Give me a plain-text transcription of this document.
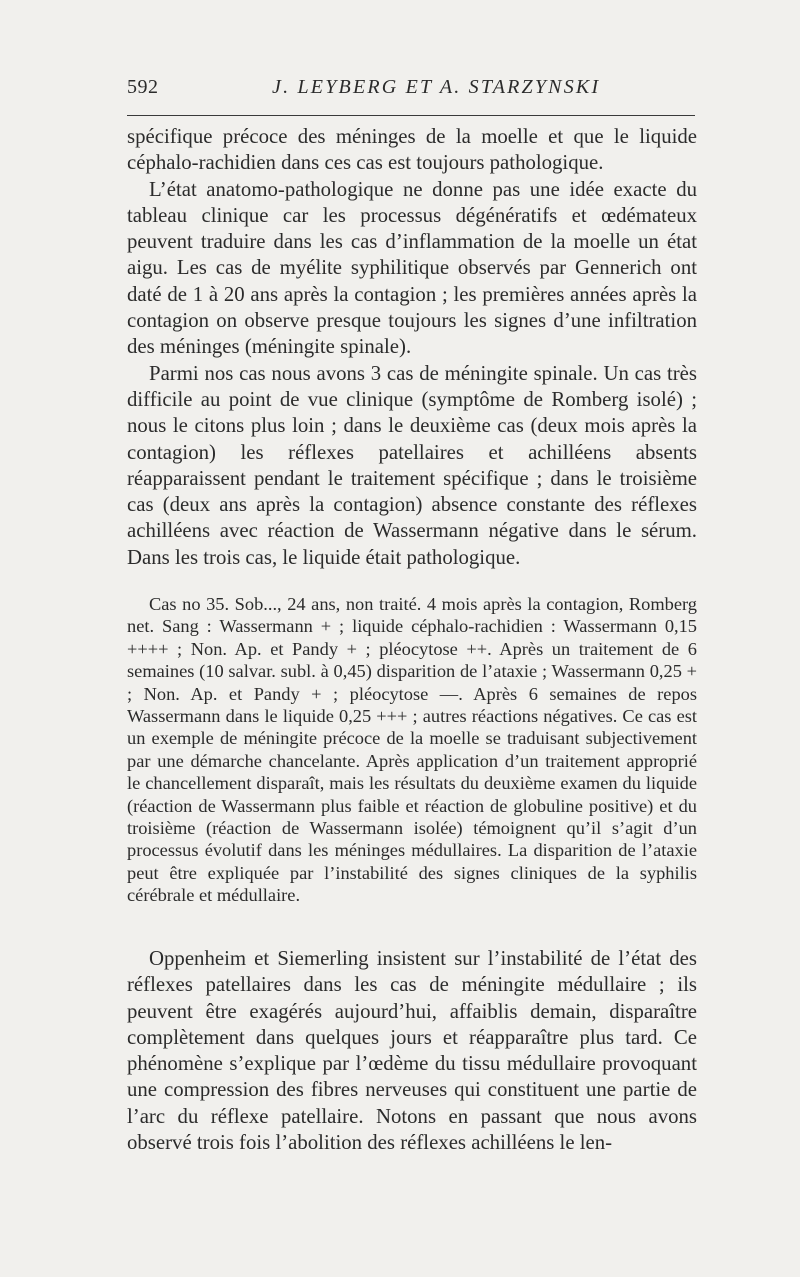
592	J. LEYBERG ET A. STARZYNSKI
spécifique précoce des méninges de la moelle et que le liquide céphalo-rachidien dans ces cas est toujours pathologique.
L’état anatomo-pathologique ne donne pas une idée exacte du tableau clinique car les processus dégénératifs et œdémateux peuvent traduire dans les cas d’inflammation de la moelle un état aigu. Les cas de myélite syphilitique observés par Gennerich ont daté de 1 à 20 ans après la contagion ; les premières années après la contagion on observe presque toujours les signes d’une infiltration des méninges (méningite spinale).
Parmi nos cas nous avons 3 cas de méningite spinale. Un cas très difficile au point de vue clinique (symptôme de Romberg isolé) ; nous le citons plus loin ; dans le deuxième cas (deux mois après la contagion) les réflexes patellaires et achilléens absents réapparaissent pendant le traitement spécifique ; dans le troisième cas (deux ans après la contagion) absence constante des réflexes achilléens avec réaction de Wassermann négative dans le sérum. Dans les trois cas, le liquide était pathologique.

Cas no 35. Sob..., 24 ans, non traité. 4 mois après la contagion, Romberg net. Sang : Wassermann + ; liquide céphalo-rachidien : Wassermann 0,15 ++++ ; Non. Ap. et Pandy + ; pléocytose ++. Après un traitement de 6 semaines (10 salvar. subl. à 0,45) disparition de l’ataxie ; Wassermann 0,25 + ; Non. Ap. et Pandy + ; pléocytose —. Après 6 semaines de repos Wassermann dans le liquide 0,25 +++ ; autres réactions négatives. Ce cas est un exemple de méningite précoce de la moelle se traduisant subjectivement par une démarche chancelante. Après application d’un traitement approprié le chancellement disparaît, mais les résultats du deuxième examen du liquide (réaction de Wassermann plus faible et réaction de globuline positive) et du troisième (réaction de Wassermann isolée) témoignent qu’il s’agit d’un processus évolutif dans les méninges médullaires. La disparition de l’ataxie peut être expliquée par l’instabilité des signes cliniques de la syphilis cérébrale et médullaire.

Oppenheim et Siemerling insistent sur l’instabilité de l’état des réflexes patellaires dans les cas de méningite médullaire ; ils peuvent être exagérés aujourd’hui, affaiblis demain, disparaître complètement dans quelques jours et réapparaître plus tard. Ce phénomène s’explique par l’œdème du tissu médullaire provoquant une compression des fibres nerveuses qui constituent une partie de l’arc du réflexe patellaire. Notons en passant que nous avons observé trois fois l’abolition des réflexes achilléens le len-
